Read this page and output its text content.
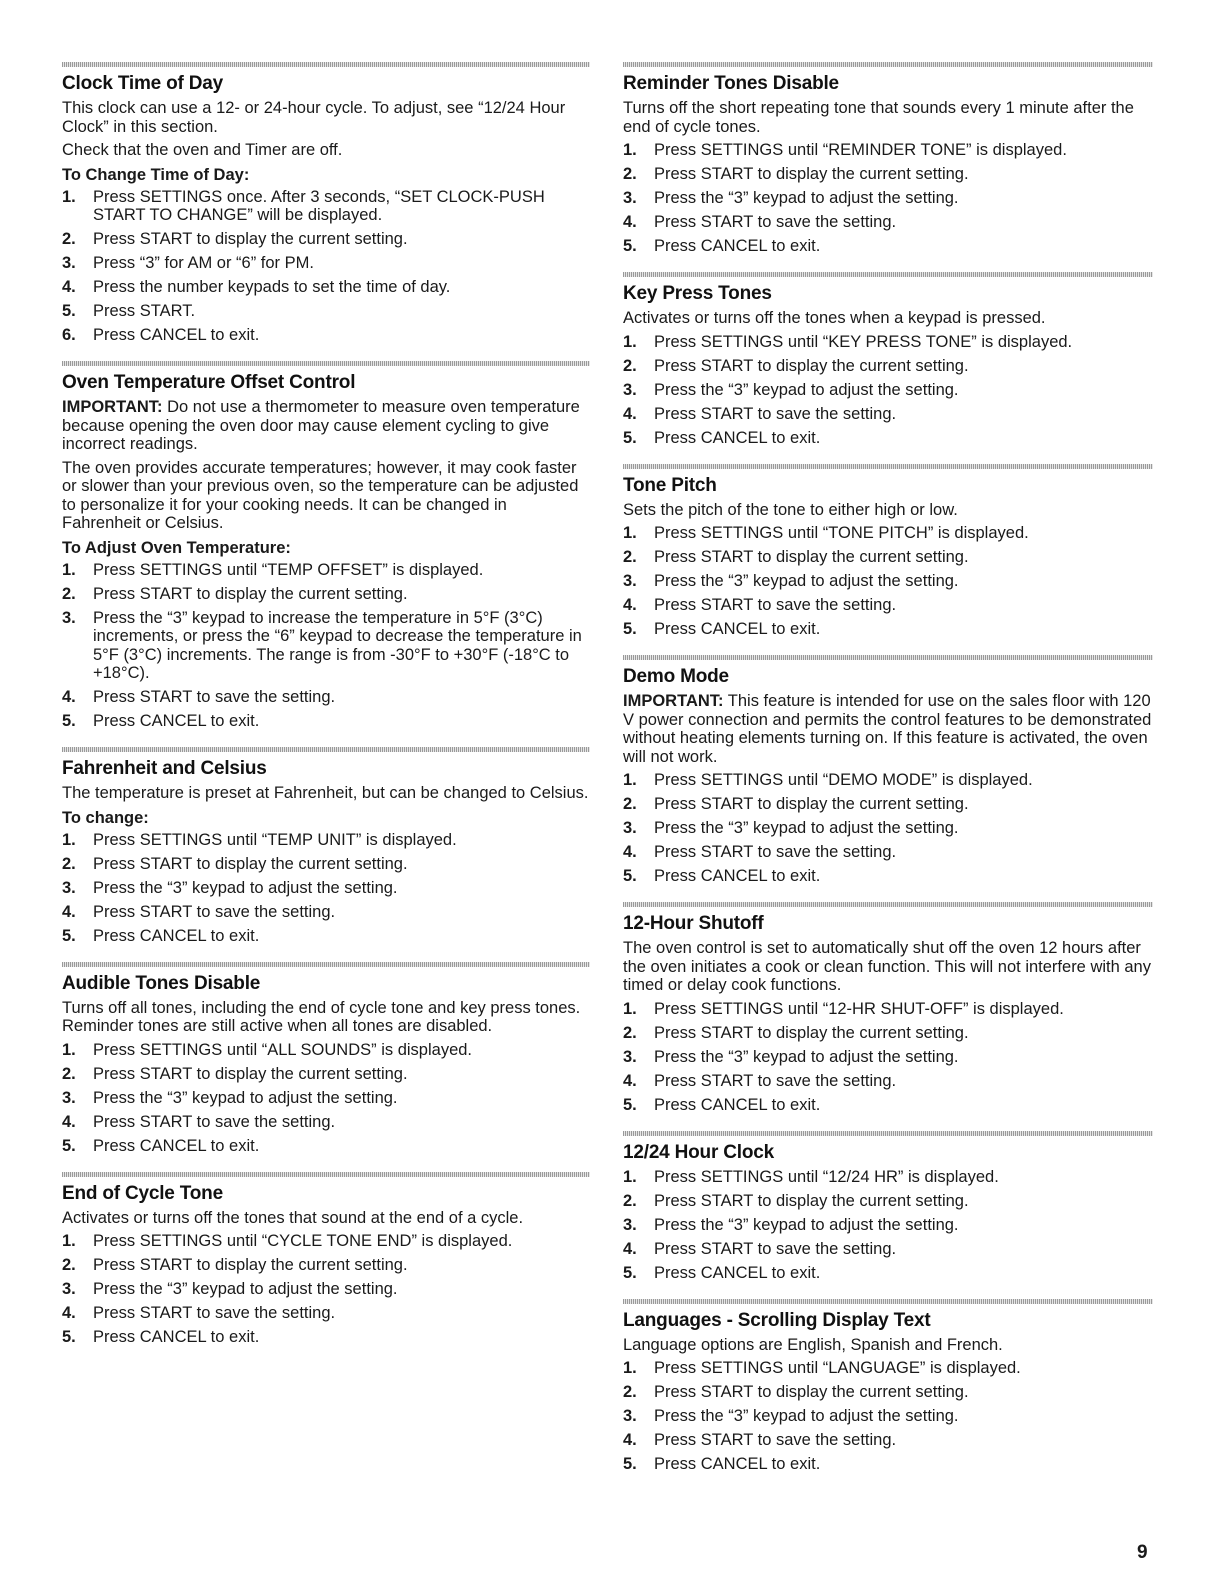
Clock Time of Day

This clock can use a 12- or 24-hour cycle. To adjust, see “12/24 Hour Clock” in this section.

Check that the oven and Timer are off.

To Change Time of Day:

1.	Press SETTINGS once. After 3 seconds, “SET CLOCK-PUSH START TO CHANGE” will be displayed.
2.	Press START to display the current setting.
3.	Press “3” for AM or “6” for PM.
4.	Press the number keypads to set the time of day.
5.	Press START.
6.	Press CANCEL to exit.
Oven Temperature Offset Control

IMPORTANT: Do not use a thermometer to measure oven temperature because opening the oven door may cause element cycling to give incorrect readings.

The oven provides accurate temperatures; however, it may cook faster or slower than your previous oven, so the temperature can be adjusted to personalize it for your cooking needs. It can be changed in Fahrenheit or Celsius.

To Adjust Oven Temperature:

1.	Press SETTINGS until “TEMP OFFSET” is displayed.
2.	Press START to display the current setting.
3.	Press the “3” keypad to increase the temperature in 5°F (3°C) increments, or press the “6” keypad to decrease the temperature in 5°F (3°C) increments. The range is from -30°F to +30°F (-18°C to +18°C).
4.	Press START to save the setting.
5.	Press CANCEL to exit.
Fahrenheit and Celsius

The temperature is preset at Fahrenheit, but can be changed to Celsius.

To change:

1.	Press SETTINGS until “TEMP UNIT” is displayed.
2.	Press START to display the current setting.
3.	Press the “3” keypad to adjust the setting.
4.	Press START to save the setting.
5.	Press CANCEL to exit.
Audible Tones Disable

Turns off all tones, including the end of cycle tone and key press tones. Reminder tones are still active when all tones are disabled.

1.	Press SETTINGS until “ALL SOUNDS” is displayed.
2.	Press START to display the current setting.
3.	Press the “3” keypad to adjust the setting.
4.	Press START to save the setting.
5.	Press CANCEL to exit.
End of Cycle Tone

Activates or turns off the tones that sound at the end of a cycle.

1.	Press SETTINGS until “CYCLE TONE END” is displayed.
2.	Press START to display the current setting.
3.	Press the “3” keypad to adjust the setting.
4.	Press START to save the setting.
5.	Press CANCEL to exit.
Reminder Tones Disable

Turns off the short repeating tone that sounds every 1 minute after the end of cycle tones.

1.	Press SETTINGS until “REMINDER TONE” is displayed.
2.	Press START to display the current setting.
3.	Press the “3” keypad to adjust the setting.
4.	Press START to save the setting.
5.	Press CANCEL to exit.
Key Press Tones

Activates or turns off the tones when a keypad is pressed.

1.	Press SETTINGS until “KEY PRESS TONE” is displayed.
2.	Press START to display the current setting.
3.	Press the “3” keypad to adjust the setting.
4.	Press START to save the setting.
5.	Press CANCEL to exit.
Tone Pitch

Sets the pitch of the tone to either high or low.

1.	Press SETTINGS until “TONE PITCH” is displayed.
2.	Press START to display the current setting.
3.	Press the “3” keypad to adjust the setting.
4.	Press START to save the setting.
5.	Press CANCEL to exit.
Demo Mode

IMPORTANT: This feature is intended for use on the sales floor with 120 V power connection and permits the control features to be demonstrated without heating elements turning on. If this feature is activated, the oven will not work.

1.	Press SETTINGS until “DEMO MODE” is displayed.
2.	Press START to display the current setting.
3.	Press the “3” keypad to adjust the setting.
4.	Press START to save the setting.
5.	Press CANCEL to exit.
12-Hour Shutoff

The oven control is set to automatically shut off the oven 12 hours after the oven initiates a cook or clean function. This will not interfere with any timed or delay cook functions.

1.	Press SETTINGS until “12-HR SHUT-OFF” is displayed.
2.	Press START to display the current setting.
3.	Press the “3” keypad to adjust the setting.
4.	Press START to save the setting.
5.	Press CANCEL to exit.
12/24 Hour Clock
1.	Press SETTINGS until “12/24 HR” is displayed.
2.	Press START to display the current setting.
3.	Press the “3” keypad to adjust the setting.
4.	Press START to save the setting.
5.	Press CANCEL to exit.
Languages - Scrolling Display Text

Language options are English, Spanish and French.

1.	Press SETTINGS until “LANGUAGE” is displayed.
2.	Press START to display the current setting.
3.	Press the “3” keypad to adjust the setting.
4.	Press START to save the setting.
5.	Press CANCEL to exit.
9
